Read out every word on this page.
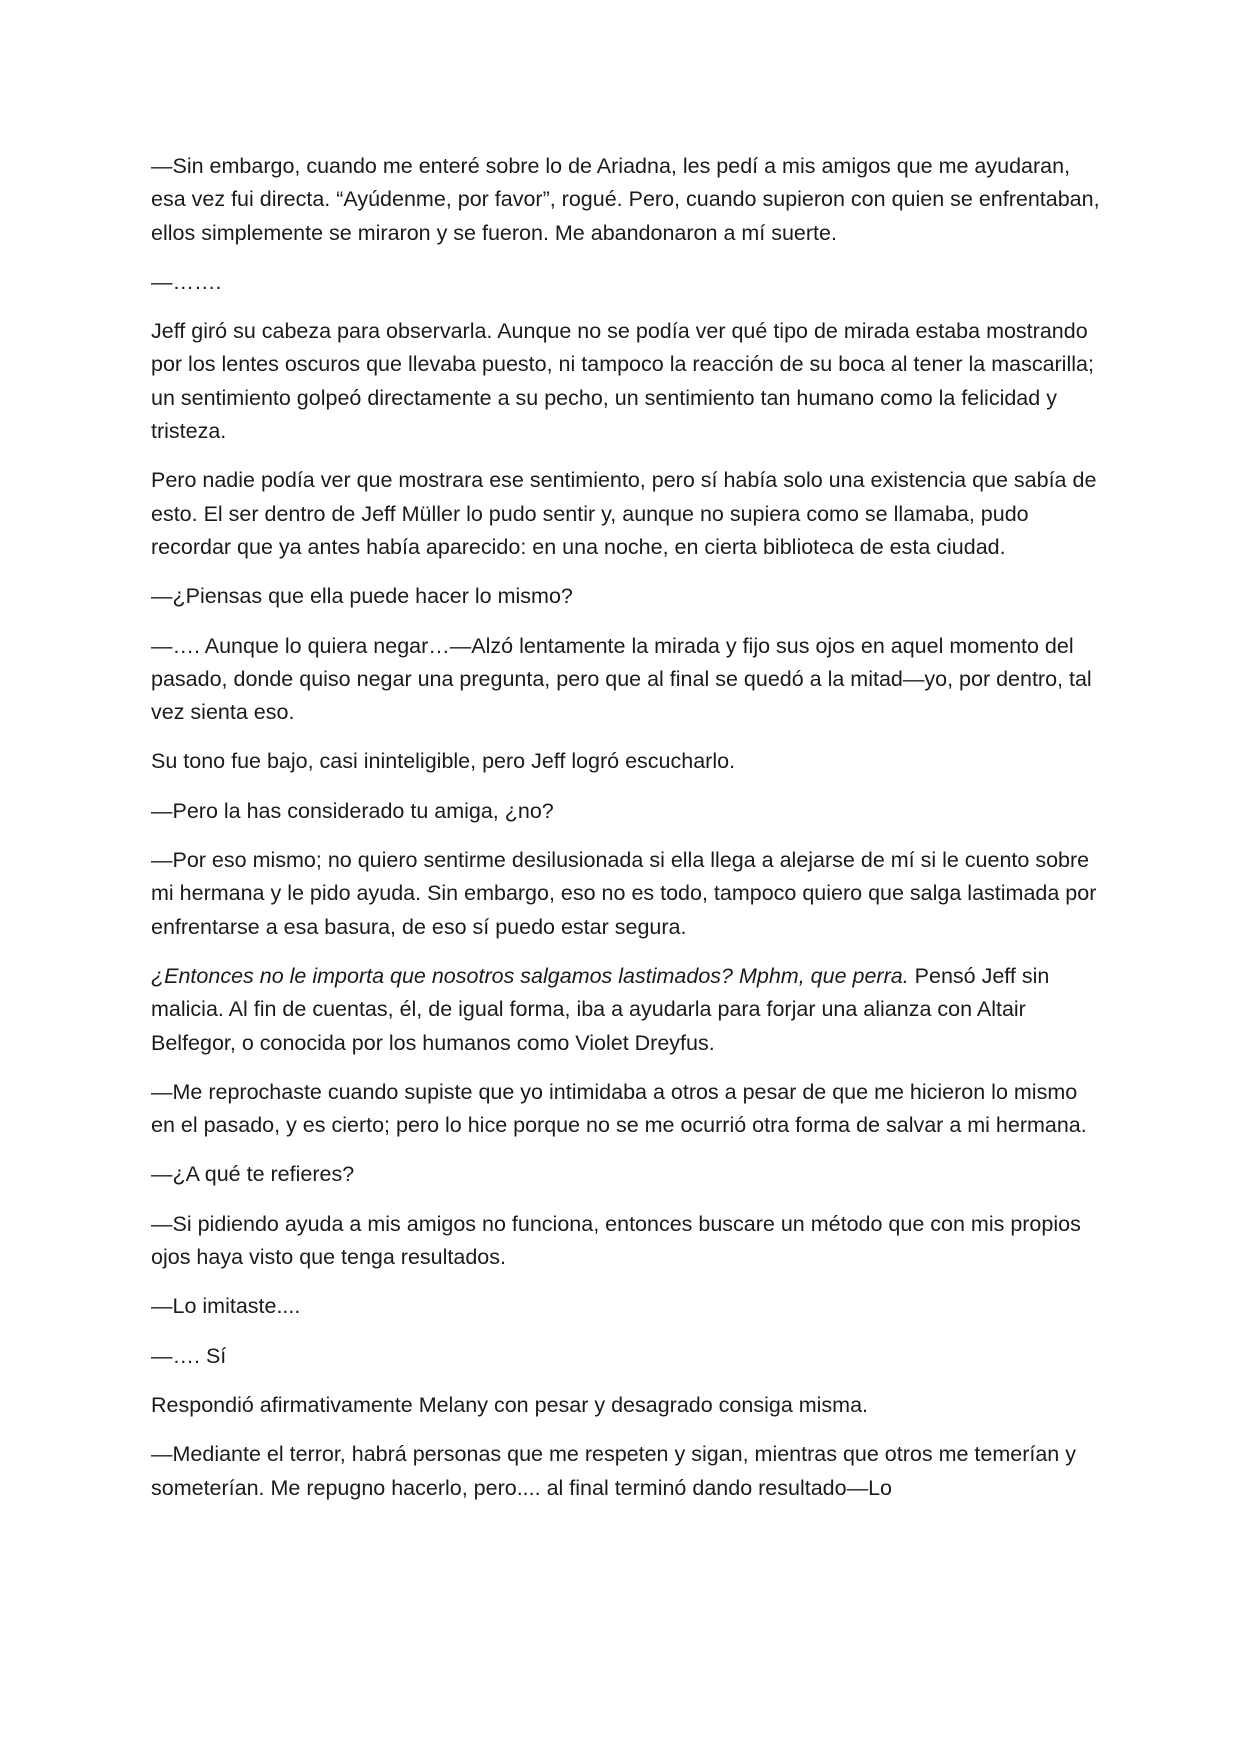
—Sin embargo, cuando me enteré sobre lo de Ariadna, les pedí a mis amigos que me ayudaran, esa vez fui directa. “Ayúdenme, por favor”, rogué. Pero, cuando supieron con quien se enfrentaban, ellos simplemente se miraron y se fueron. Me abandonaron a mí suerte.

—…….

Jeff giró su cabeza para observarla. Aunque no se podía ver qué tipo de mirada estaba mostrando por los lentes oscuros que llevaba puesto, ni tampoco la reacción de su boca al tener la mascarilla; un sentimiento golpeó directamente a su pecho, un sentimiento tan humano como la felicidad y tristeza.

Pero nadie podía ver que mostrara ese sentimiento, pero sí había solo una existencia que sabía de esto. El ser dentro de Jeff Müller lo pudo sentir y, aunque no supiera como se llamaba, pudo recordar que ya antes había aparecido: en una noche, en cierta biblioteca de esta ciudad.

—¿Piensas que ella puede hacer lo mismo?

—…. Aunque lo quiera negar…—Alzó lentamente la mirada y fijo sus ojos en aquel momento del pasado, donde quiso negar una pregunta, pero que al final se quedó a la mitad—yo, por dentro, tal vez sienta eso.

Su tono fue bajo, casi ininteligible, pero Jeff logró escucharlo.

—Pero la has considerado tu amiga, ¿no?

—Por eso mismo; no quiero sentirme desilusionada si ella llega a alejarse de mí si le cuento sobre mi hermana y le pido ayuda. Sin embargo, eso no es todo, tampoco quiero que salga lastimada por enfrentarse a esa basura, de eso sí puedo estar segura.

¿Entonces no le importa que nosotros salgamos lastimados? Mphm, que perra. Pensó Jeff sin malicia. Al fin de cuentas, él, de igual forma, iba a ayudarla para forjar una alianza con Altair Belfegor, o conocida por los humanos como Violet Dreyfus.

—Me reprochaste cuando supiste que yo intimidaba a otros a pesar de que me hicieron lo mismo en el pasado, y es cierto; pero lo hice porque no se me ocurrió otra forma de salvar a mi hermana.

—¿A qué te refieres?

—Si pidiendo ayuda a mis amigos no funciona, entonces buscare un método que con mis propios ojos haya visto que tenga resultados.

—Lo imitaste....

—…. Sí

Respondió afirmativamente Melany con pesar y desagrado consiga misma.

—Mediante el terror, habrá personas que me respeten y sigan, mientras que otros me temerían y someterían. Me repugno hacerlo, pero.... al final terminó dando resultado—Lo
